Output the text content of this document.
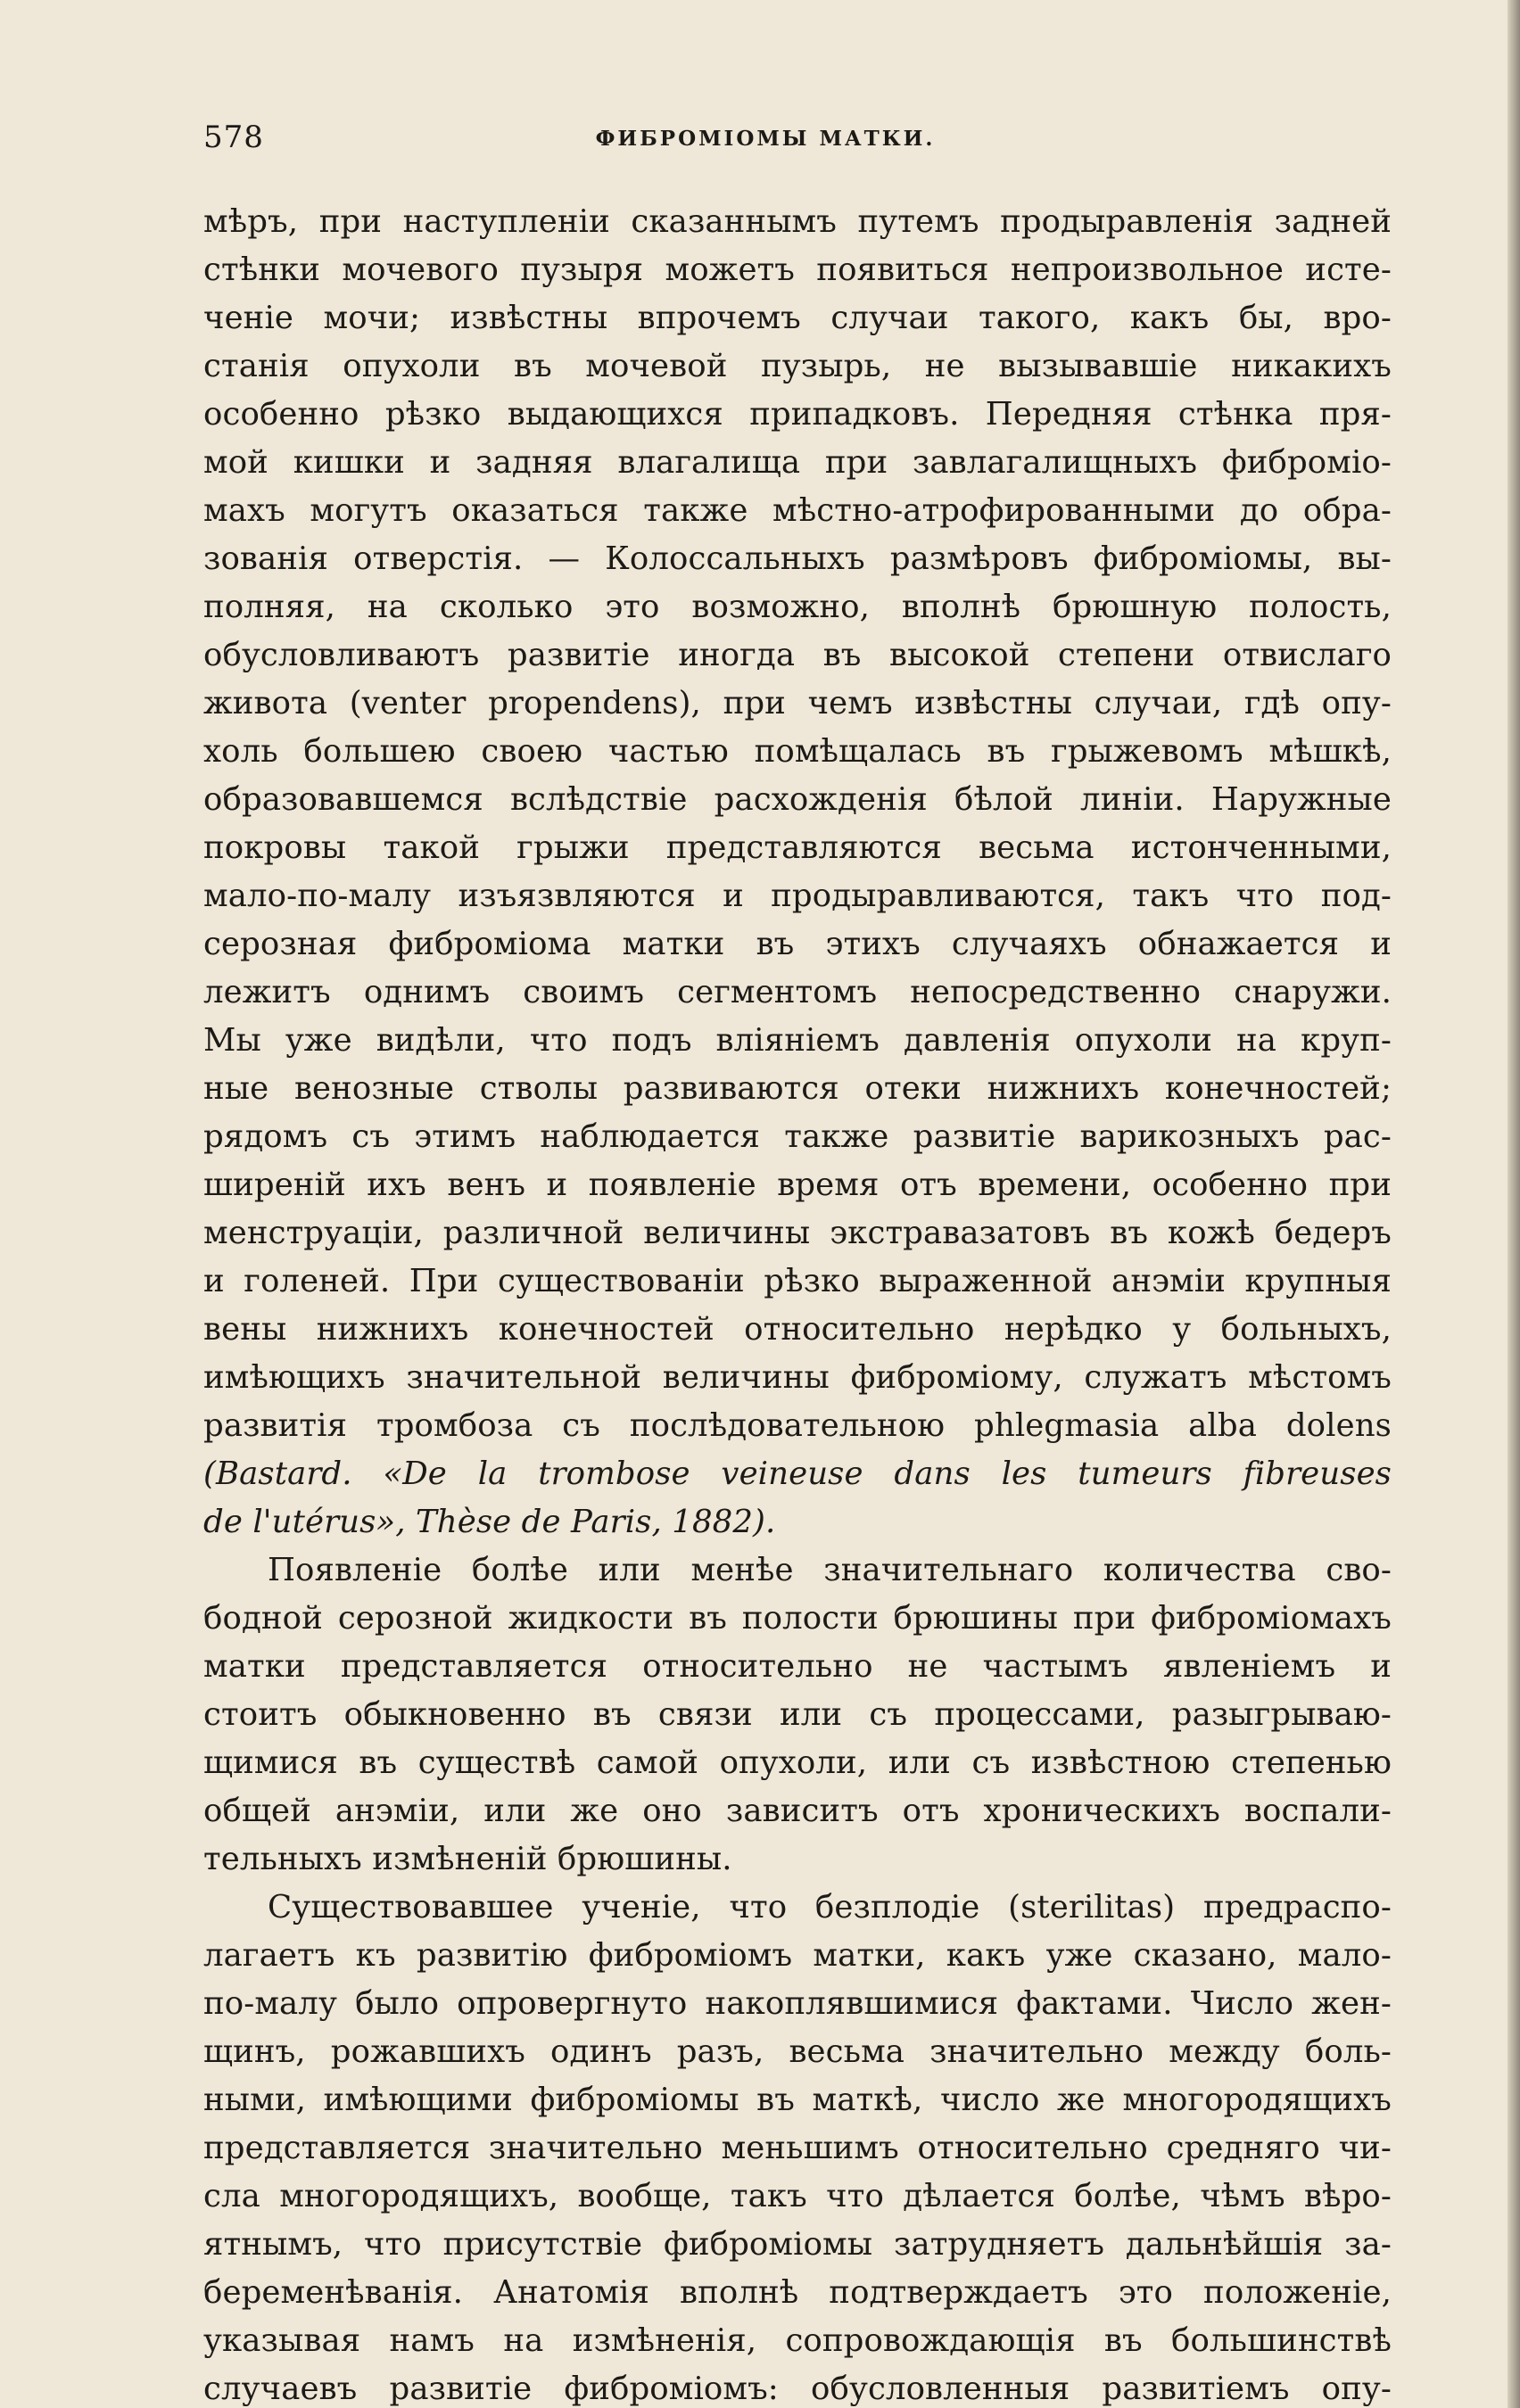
578	ФИБРОМІОМЫ МАТКИ.
мѣръ, при наступленіи сказаннымъ путемъ продыравленія задней
стѣнки мочевого пузыря можетъ появиться непроизвольное исте-
ченіе мочи; извѣстны впрочемъ случаи такого, какъ бы, вро-
станія опухоли въ мочевой пузырь, не вызывавшіе никакихъ
особенно рѣзко выдающихся припадковъ. Передняя стѣнка пря-
мой кишки и задняя влагалища при завлагалищныхъ фиброміо-
махъ могутъ оказаться также мѣстно-атрофированными до обра-
зованія отверстія. — Колоссальныхъ размѣровъ фиброміомы, вы-
полняя, на сколько это возможно, вполнѣ брюшную полость,
обусловливаютъ развитіе иногда въ высокой степени отвислаго
живота (venter propendens), при чемъ извѣстны случаи, гдѣ опу-
холь большею своею частью помѣщалась въ грыжевомъ мѣшкѣ,
образовавшемся вслѣдствіе расхожденія бѣлой линіи. Наружные
покровы такой грыжи представляются весьма истонченными,
мало-по-малу изъязвляются и продыравливаются, такъ что под-
серозная фиброміома матки въ этихъ случаяхъ обнажается и
лежитъ однимъ своимъ сегментомъ непосредственно снаружи.
Мы уже видѣли, что подъ вліяніемъ давленія опухоли на круп-
ные венозные стволы развиваются отеки нижнихъ конечностей;
рядомъ съ этимъ наблюдается также развитіе варикозныхъ рас-
ширеній ихъ венъ и появленіе время отъ времени, особенно при
менструаціи, различной величины экстравазатовъ въ кожѣ бедеръ
и голеней. При существованіи рѣзко выраженной анэміи крупныя
вены нижнихъ конечностей относительно нерѣдко у больныхъ,
имѣющихъ значительной величины фиброміому, служатъ мѣстомъ
развитія тромбоза съ послѣдовательною phlegmasia alba dolens
(Bastard. «De la trombose veineuse dans les tumeurs fibreuses
de l'utérus», Thèse de Paris, 1882).
Появленіе болѣе или менѣе значительнаго количества сво-
бодной серозной жидкости въ полости брюшины при фиброміомахъ
матки представляется относительно не частымъ явленіемъ и
стоитъ обыкновенно въ связи или съ процессами, разыгрываю-
щимися въ существѣ самой опухоли, или съ извѣстною степенью
общей анэміи, или же оно зависитъ отъ хроническихъ воспали-
тельныхъ измѣненій брюшины.
Существовавшее ученіе, что безплодіе (sterilitas) предраспо-
лагаетъ къ развитію фиброміомъ матки, какъ уже сказано, мало-
по-малу было опровергнуто накоплявшимися фактами. Число жен-
щинъ, рожавшихъ одинъ разъ, весьма значительно между боль-
ными, имѣющими фиброміомы въ маткѣ, число же многородящихъ
представляется значительно меньшимъ относительно средняго чи-
сла многородящихъ, вообще, такъ что дѣлается болѣе, чѣмъ вѣро-
ятнымъ, что присутствіе фиброміомы затрудняетъ дальнѣйшія за-
беременѣванія. Анатомія вполнѣ подтверждаетъ это положеніе,
указывая намъ на измѣненія, сопровождающія въ большинствѣ
случаевъ развитіе фиброміомъ: обусловленныя развитіемъ опу-
